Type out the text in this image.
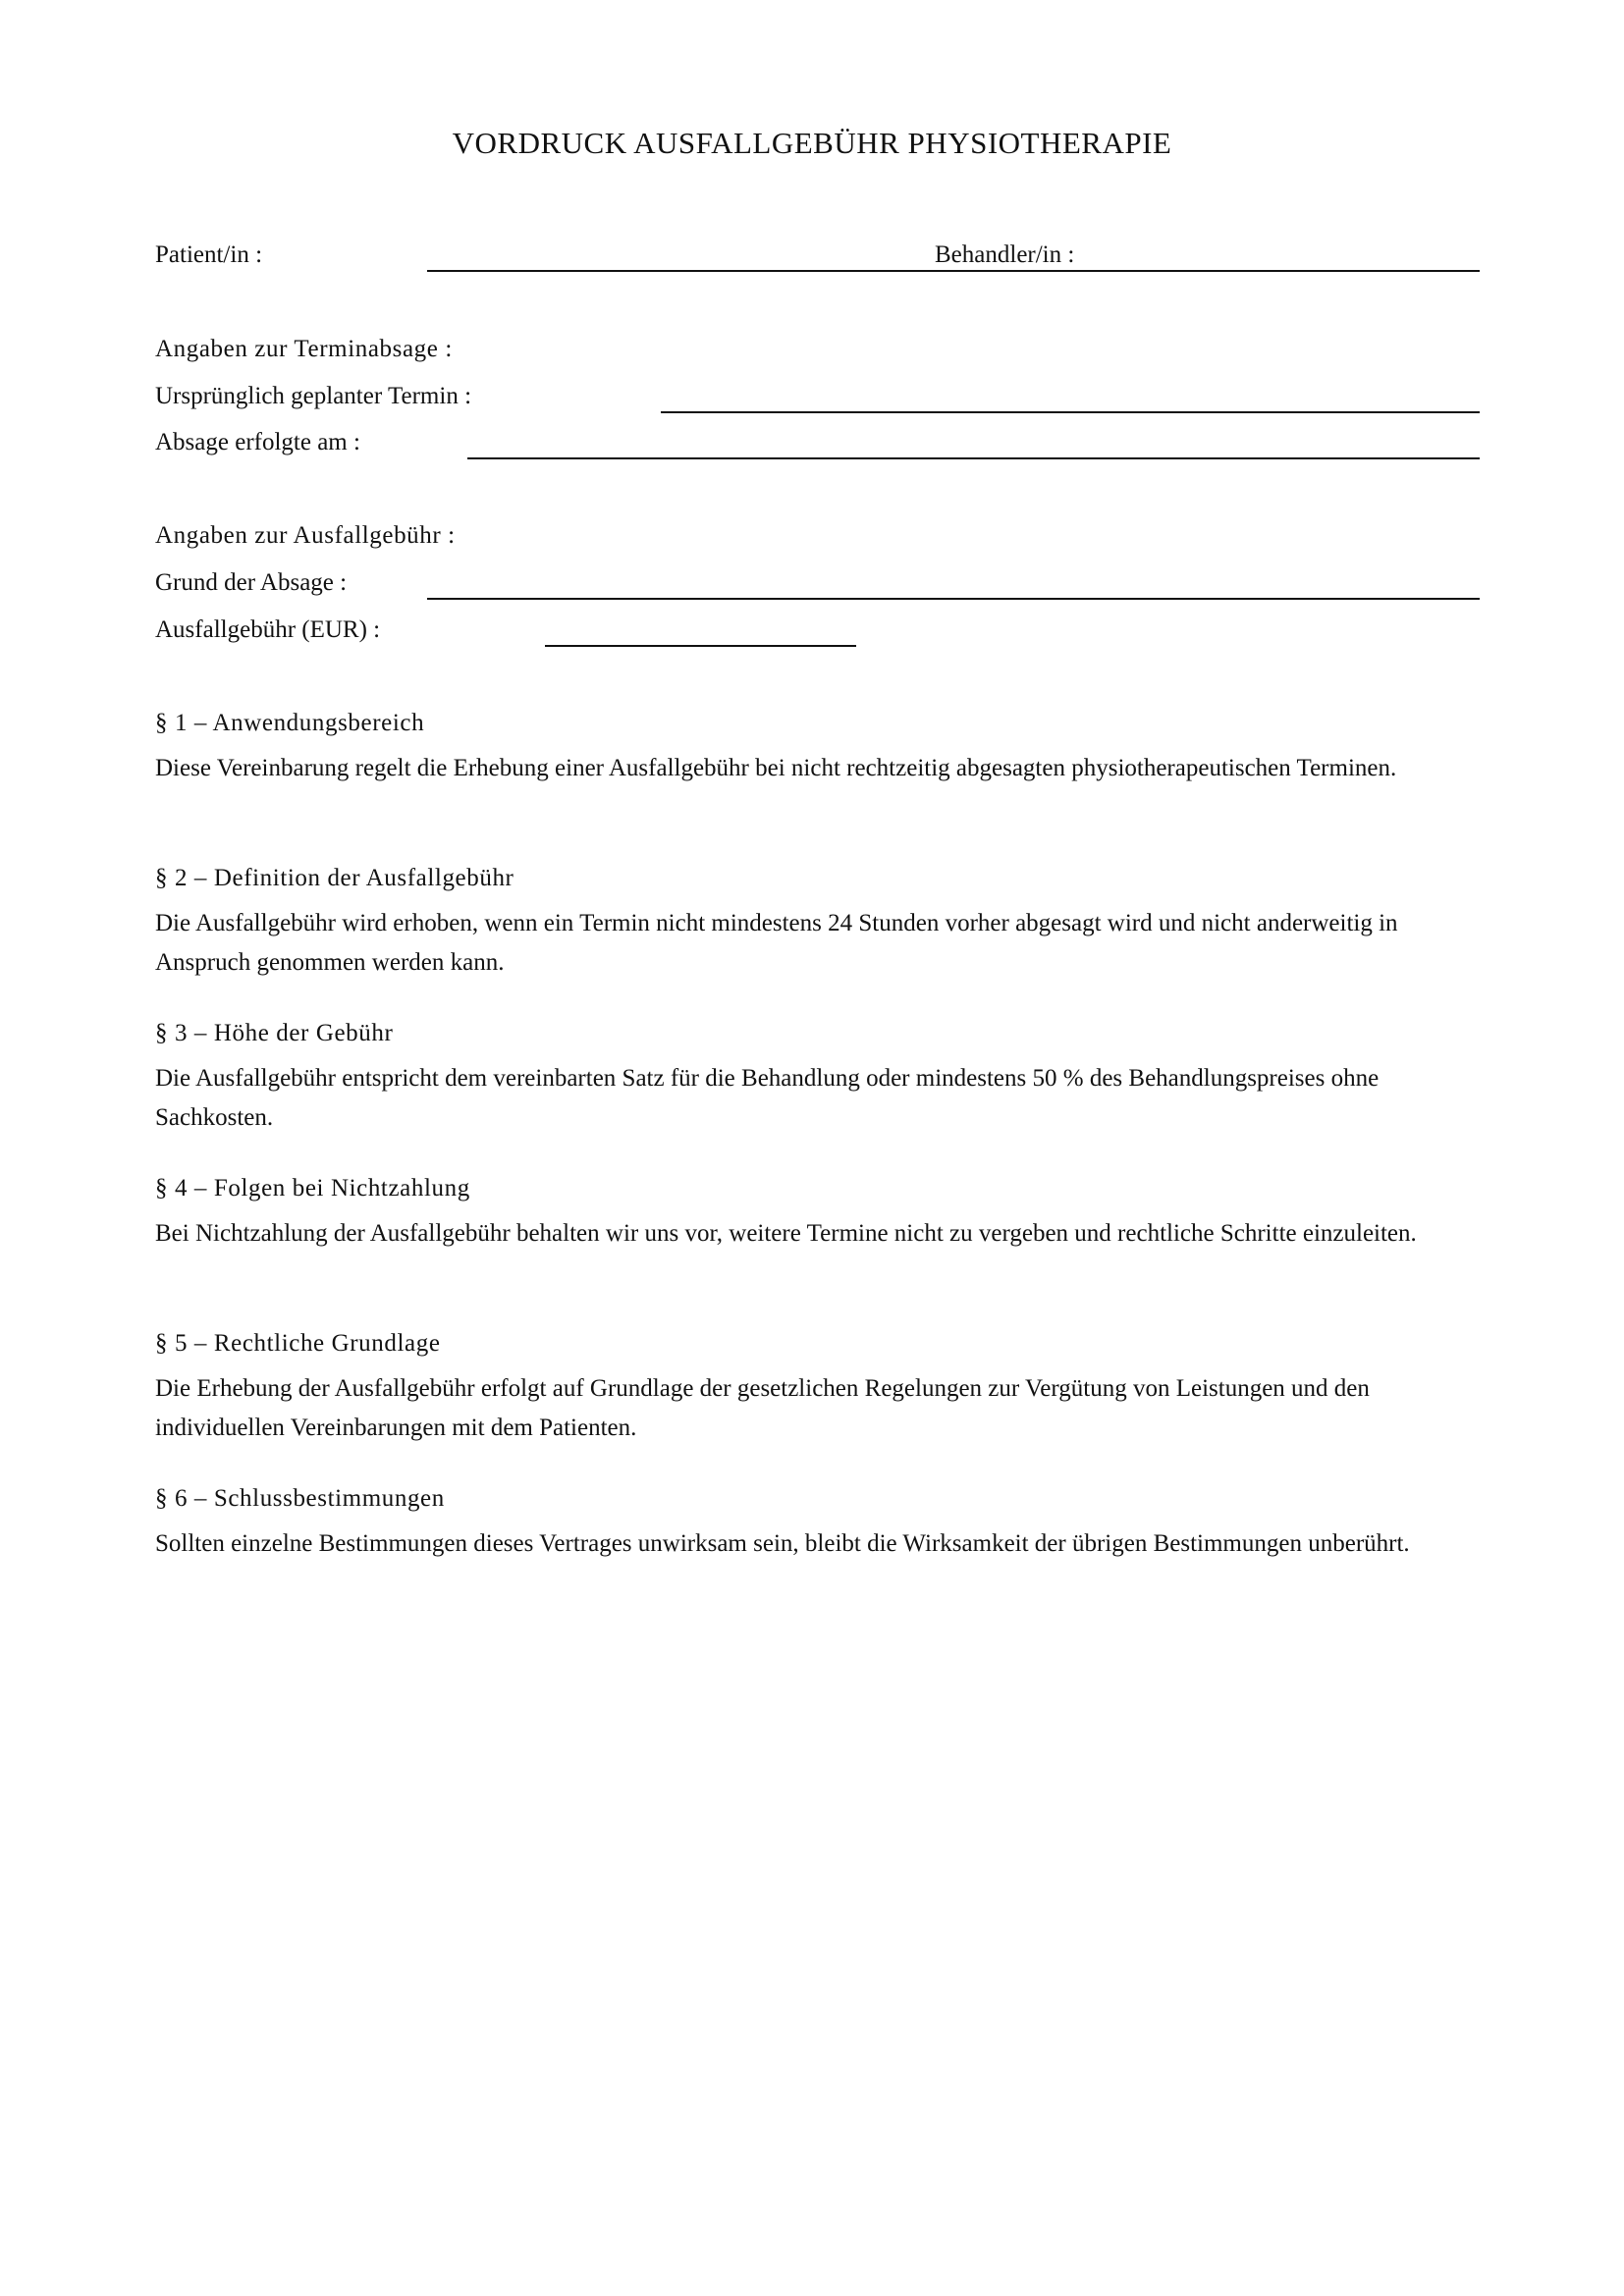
VORDRUCK AUSFALLGEBÜHR PHYSIOTHERAPIE
Patient/in :	Behandler/in :
Angaben zur Terminabsage :
Ursprünglich geplanter Termin :
Absage erfolgte am :
Angaben zur Ausfallgebühr :
Grund der Absage :
Ausfallgebühr (EUR) :
§ 1 – Anwendungsbereich
Diese Vereinbarung regelt die Erhebung einer Ausfallgebühr bei nicht rechtzeitig abgesagten physiotherapeutischen Terminen.
§ 2 – Definition der Ausfallgebühr
Die Ausfallgebühr wird erhoben, wenn ein Termin nicht mindestens 24 Stunden vorher abgesagt wird und nicht anderweitig in Anspruch genommen werden kann.
§ 3 – Höhe der Gebühr
Die Ausfallgebühr entspricht dem vereinbarten Satz für die Behandlung oder mindestens 50 % des Behandlungspreises ohne Sachkosten.
§ 4 – Folgen bei Nichtzahlung
Bei Nichtzahlung der Ausfallgebühr behalten wir uns vor, weitere Termine nicht zu vergeben und rechtliche Schritte einzuleiten.
§ 5 – Rechtliche Grundlage
Die Erhebung der Ausfallgebühr erfolgt auf Grundlage der gesetzlichen Regelungen zur Vergütung von Leistungen und den individuellen Vereinbarungen mit dem Patienten.
§ 6 – Schlussbestimmungen
Sollten einzelne Bestimmungen dieses Vertrages unwirksam sein, bleibt die Wirksamkeit der übrigen Bestimmungen unberührt.
